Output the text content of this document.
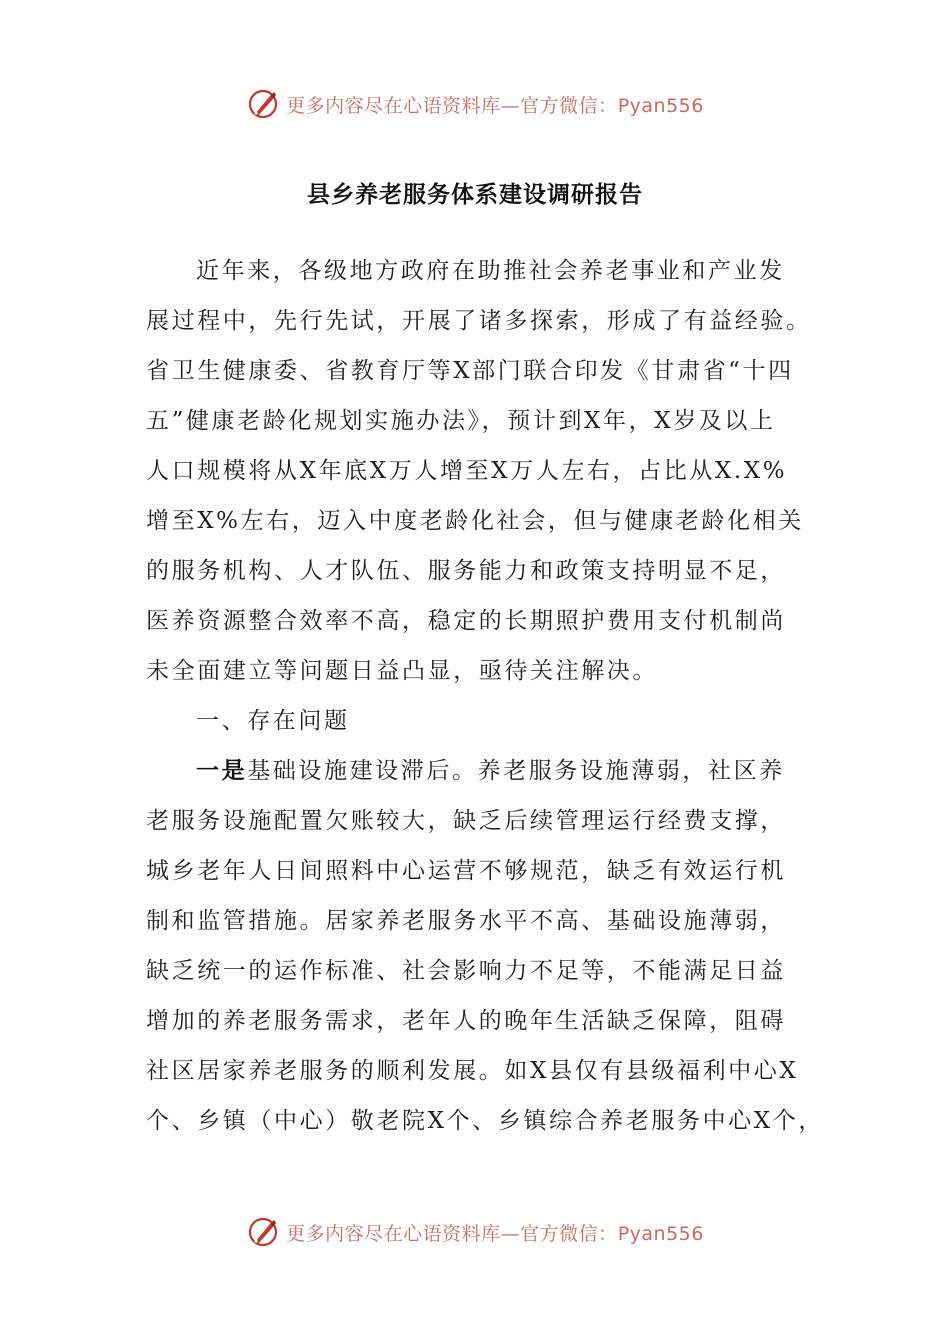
更多内容尽在心语资料库—官方微信：Pyan556
县乡养老服务体系建设调研报告
近年来，各级地方政府在助推社会养老事业和产业发
展过程中，先行先试，开展了诸多探索，形成了有益经验。
省卫生健康委、省教育厅等X部门联合印发《甘肃省“十四
五”健康老龄化规划实施办法》，预计到X年，X岁及以上
人口规模将从X年底X万人增至X万人左右，占比从X.X%
增至X%左右，迈入中度老龄化社会，但与健康老龄化相关
的服务机构、人才队伍、服务能力和政策支持明显不足，
医养资源整合效率不高，稳定的长期照护费用支付机制尚
未全面建立等问题日益凸显，亟待关注解决。
一、存在问题
一是基础设施建设滞后。养老服务设施薄弱，社区养
老服务设施配置欠账较大，缺乏后续管理运行经费支撑，
城乡老年人日间照料中心运营不够规范，缺乏有效运行机
制和监管措施。居家养老服务水平不高、基础设施薄弱，
缺乏统一的运作标准、社会影响力不足等，不能满足日益
增加的养老服务需求，老年人的晚年生活缺乏保障，阻碍
社区居家养老服务的顺利发展。如X县仅有县级福利中心X
个、乡镇（中心）敬老院X个、乡镇综合养老服务中心X个，
更多内容尽在心语资料库—官方微信：Pyan556
